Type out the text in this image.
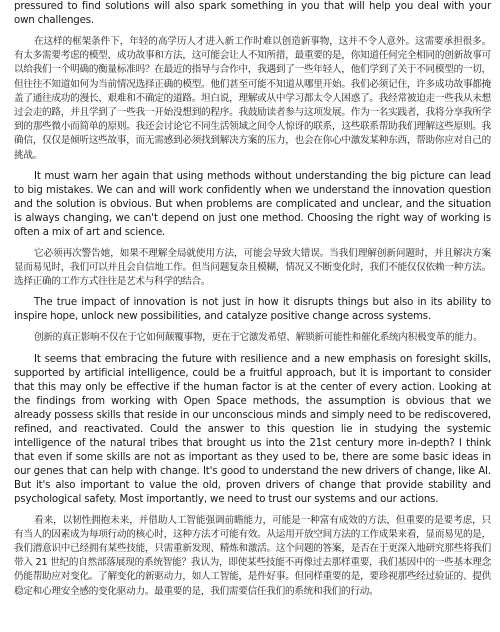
pressured to find solutions will also spark something in you that will help you deal with your own challenges.

在这样的框架条件下，年轻的高学历人才进入新工作时难以创造新事物，这并不令人意外。这需要承担很多。有太多需要考虑的模型、成功故事和方法，这可能会让人不知所措，最重要的是，你知道任何完全相同的创新故事可以给我们一个明确的衡量标准吗？在最近的指导与合作中，我遇到了一些年轻人，他们学到了关于不同模型的一切，但往往不知道如何为当前情况选择正确的模型。他们甚至可能不知道从哪里开始。我们必须记住，许多成功故事都掩盖了通往成功的漫长、艰难和不确定的道路。坦白说，理解或从中学习都太令人困惑了。我经常被迫走一些我从未想过会走的路，并且学到了一些我一开始没想到的程序。我鼓励读者参与这项发展。作为一名实践者，我将分享我所学到的那些微小而简单的原则。我还会讨论它不同生活领域之间令人惊讶的联系，这些联系帮助我们理解这些原则。我确信，仅仅是倾听这些故事，而无需感到必须找到解决方案的压力，也会在你心中激发某种东西，帮助你应对自己的挑战。

It must warn her again that using methods without understanding the big picture can lead to big mistakes. We can and will work confidently when we understand the innovation question and the solution is obvious. But when problems are complicated and unclear, and the situation is always changing, we can't depend on just one method. Choosing the right way of working is often a mix of art and science.

它必须再次警告她，如果不理解全局就使用方法，可能会导致大错误。当我们理解创新问题时，并且解决方案显而易见时，我们可以并且会自信地工作。但当问题复杂且模糊，情况又不断变化时，我们不能仅仅依赖一种方法。选择正确的工作方式往往是艺术与科学的结合。

The true impact of innovation is not just in how it disrupts things but also in its ability to inspire hope, unlock new possibilities, and catalyze positive change across systems.

创新的真正影响不仅在于它如何颠覆事物，更在于它激发希望、解锁新可能性和催化系统内积极变革的能力。

It seems that embracing the future with resilience and a new emphasis on foresight skills, supported by artificial intelligence, could be a fruitful approach, but it is important to consider that this may only be effective if the human factor is at the center of every action. Looking at the findings from working with Open Space methods, the assumption is obvious that we already possess skills that reside in our unconscious minds and simply need to be rediscovered, refined, and reactivated. Could the answer to this question lie in studying the systemic intelligence of the natural tribes that brought us into the 21st century more in-depth? I think that even if some skills are not as important as they used to be, there are some basic ideas in our genes that can help with change. It's good to understand the new drivers of change, like AI. But it's also important to value the old, proven drivers of change that provide stability and psychological safety. Most importantly, we need to trust our systems and our actions.

看来，以韧性拥抱未来，并借助人工智能强调前瞻能力，可能是一种富有成效的方法，但重要的是要考虑，只有当人的因素成为每项行动的核心时，这种方法才可能有效。从运用开放空间方法的工作成果来看，显而易见的是，我们潜意识中已经拥有某些技能，只需重新发现、精炼和激活。这个问题的答案，是否在于更深入地研究那些将我们带入 21 世纪的自然部落展现的系统智能？我认为，即使某些技能不再像过去那样重要，我们基因中的一些基本理念仍能帮助应对变化。了解变化的新驱动力，如人工智能，是件好事。但同样重要的是，要珍视那些经过验证的、提供稳定和心理安全感的变化驱动力。最重要的是，我们需要信任我们的系统和我们的行动。
